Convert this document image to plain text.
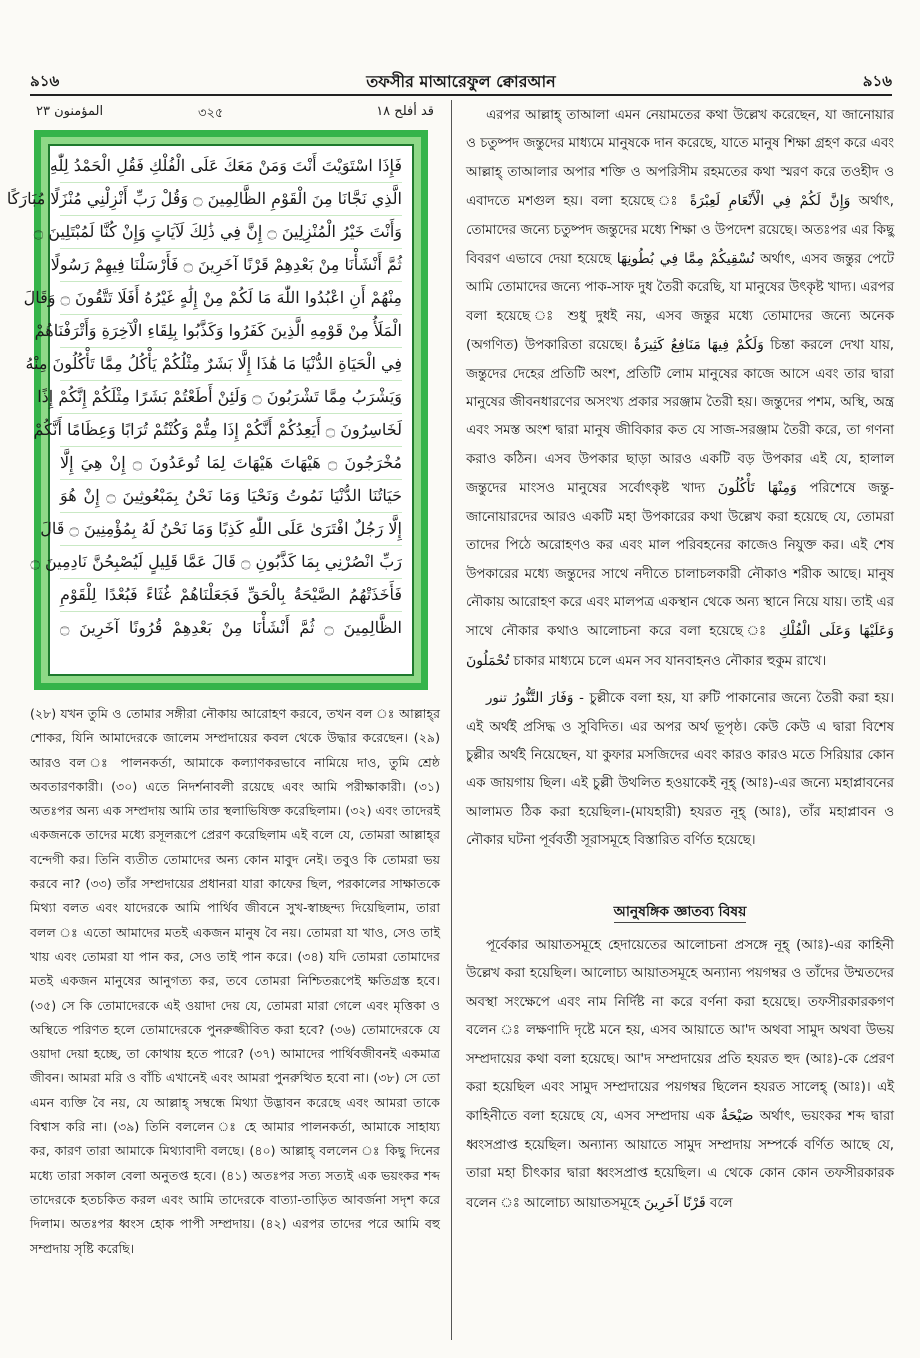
৯১৬	তফসীর মাআরেফুল ক্বোরআন	৯১৬
المؤمنون ٢٣	৩২৫	قد أفلح ١٨
فَإِذَا اسْتَوَيْتَ أَنْتَ وَمَنْ مَعَكَ عَلَى الْفُلْكِ فَقُلِ الْحَمْدُ لِلّٰهِ
الَّذِي نَجَّانَا مِنَ الْقَوْمِ الظَّالِمِينَ ۝ وَقُلْ رَبِّ أَنْزِلْنِي مُنْزَلًا مُبَارَكًا
وَأَنْتَ خَيْرُ الْمُنْزِلِينَ ۝ إِنَّ فِي ذَٰلِكَ لَآيَاتٍ وَإِنْ كُنَّا لَمُبْتَلِينَ ۝
ثُمَّ أَنْشَأْنَا مِنْ بَعْدِهِمْ قَرْنًا آخَرِينَ ۝ فَأَرْسَلْنَا فِيهِمْ رَسُولًا
مِنْهُمْ أَنِ اعْبُدُوا اللّٰهَ مَا لَكُمْ مِنْ إِلَٰهٍ غَيْرُهُ أَفَلَا تَتَّقُونَ ۝ وَقَالَ
الْمَلَأُ مِنْ قَوْمِهِ الَّذِينَ كَفَرُوا وَكَذَّبُوا بِلِقَاءِ الْآخِرَةِ وَأَتْرَفْنَاهُمْ
فِي الْحَيَاةِ الدُّنْيَا مَا هَٰذَا إِلَّا بَشَرٌ مِثْلُكُمْ يَأْكُلُ مِمَّا تَأْكُلُونَ مِنْهُ
وَيَشْرَبُ مِمَّا تَشْرَبُونَ ۝ وَلَئِنْ أَطَعْتُمْ بَشَرًا مِثْلَكُمْ إِنَّكُمْ إِذًا
لَخَاسِرُونَ ۝ أَيَعِدُكُمْ أَنَّكُمْ إِذَا مِتُّمْ وَكُنْتُمْ تُرَابًا وَعِظَامًا أَنَّكُمْ
مُخْرَجُونَ ۝ هَيْهَاتَ هَيْهَاتَ لِمَا تُوعَدُونَ ۝ إِنْ هِيَ إِلَّا
حَيَاتُنَا الدُّنْيَا نَمُوتُ وَنَحْيَا وَمَا نَحْنُ بِمَبْعُوثِينَ ۝ إِنْ هُوَ
إِلَّا رَجُلٌ افْتَرَىٰ عَلَى اللّٰهِ كَذِبًا وَمَا نَحْنُ لَهُ بِمُؤْمِنِينَ ۝ قَالَ
رَبِّ انْصُرْنِي بِمَا كَذَّبُونِ ۝ قَالَ عَمَّا قَلِيلٍ لَيُصْبِحُنَّ نَادِمِينَ ۝
فَأَخَذَتْهُمُ الصَّيْحَةُ بِالْحَقِّ فَجَعَلْنَاهُمْ غُثَاءً فَبُعْدًا لِلْقَوْمِ
الظَّالِمِينَ ۝ ثُمَّ أَنْشَأْنَا مِنْ بَعْدِهِمْ قُرُونًا آخَرِينَ ۝
(২৮) যখন তুমি ও তোমার সঙ্গীরা নৌকায় আরোহণ করবে, তখন বল ঃ আল্লাহ্‌র শোকর, যিনি আমাদেরকে জালেম সম্প্রদায়ের কবল থেকে উদ্ধার করেছেন। (২৯) আরও বল ঃ পালনকর্তা, আমাকে কল্যাণকরভাবে নামিয়ে দাও, তুমি শ্রেষ্ঠ অবতারণকারী। (৩০) এতে নিদর্শনাবলী রয়েছে এবং আমি পরীক্ষাকারী। (৩১) অতঃপর অন্য এক সম্প্রদায় আমি তার স্থলাভিষিক্ত করেছিলাম। (৩২) এবং তাদেরই একজনকে তাদের মধ্যে রসূলরূপে প্রেরণ করেছিলাম এই বলে যে, তোমরা আল্লাহ্‌র বন্দেগী কর। তিনি ব্যতীত তোমাদের অন্য কোন মাবুদ নেই। তবুও কি তোমরা ভয় করবে না? (৩৩) তাঁর সম্প্রদায়ের প্রধানরা যারা কাফের ছিল, পরকালের সাক্ষাতকে মিথ্যা বলত এবং যাদেরকে আমি পার্থিব জীবনে সুখ-স্বাচ্ছন্দ্য দিয়েছিলাম, তারা বলল ঃ এতো আমাদের মতই একজন মানুষ বৈ নয়। তোমরা যা খাও, সেও তাই খায় এবং তোমরা যা পান কর, সেও তাই পান করে। (৩৪) যদি তোমরা তোমাদের মতই একজন মানুষের আনুগত্য কর, তবে তোমরা নিশ্চিতরূপেই ক্ষতিগ্রস্ত হবে। (৩৫) সে কি তোমাদেরকে এই ওয়াদা দেয় যে, তোমরা মারা গেলে এবং মৃত্তিকা ও অস্থিতে পরিণত হলে তোমাদেরকে পুনরুজ্জীবিত করা হবে? (৩৬) তোমাদেরকে যে ওয়াদা দেয়া হচ্ছে, তা কোথায় হতে পারে? (৩৭) আমাদের পার্থিবজীবনই একমাত্র জীবন। আমরা মরি ও বাঁচি এখানেই এবং আমরা পুনরুত্থিত হবো না। (৩৮) সে তো এমন ব্যক্তি বৈ নয়, যে আল্লাহ্‌ সম্বন্ধে মিথ্যা উদ্ভাবন করেছে এবং আমরা তাকে বিশ্বাস করি না। (৩৯) তিনি বললেন ঃ হে আমার পালনকর্তা, আমাকে সাহায্য কর, কারণ তারা আমাকে মিথ্যাবাদী বলছে। (৪০) আল্লাহ্‌ বললেন ঃ কিছু দিনের মধ্যে তারা সকাল বেলা অনুতপ্ত হবে। (৪১) অতঃপর সত্য সত্যই এক ভয়ংকর শব্দ তাদেরকে হতচকিত করল এবং আমি তাদেরকে বাত্যা-তাড়িত আবর্জনা সদৃশ করে দিলাম। অতঃপর ধ্বংস হোক পাপী সম্প্রদায়। (৪২) এরপর তাদের পরে আমি বহু সম্প্রদায় সৃষ্টি করেছি।

এরপর আল্লাহ্‌ তাআলা এমন নেয়ামতের কথা উল্লেখ করেছেন, যা জানোয়ার ও চতুষ্পদ জন্তুদের মাধ্যমে মানুষকে দান করেছে, যাতে মানুষ শিক্ষা গ্রহণ করে এবং আল্লাহ্‌ তাআলার অপার শক্তি ও অপরিসীম রহমতের কথা স্মরণ করে তওহীদ ও এবাদতে মশগুল হয়। বলা হয়েছে ঃ وَإِنَّ لَكُمْ فِي الْأَنْعَامِ لَعِبْرَةً অর্থাৎ, তোমাদের জন্যে চতুষ্পদ জন্তুদের মধ্যে শিক্ষা ও উপদেশ রয়েছে। অতঃপর এর কিছু বিবরণ এভাবে দেয়া হয়েছে نُسْقِيكُمْ مِمَّا فِي بُطُونِهَا অর্থাৎ, এসব জন্তুর পেটে আমি তোমাদের জন্যে পাক-সাফ দুধ তৈরী করেছি, যা মানুষের উৎকৃষ্ট খাদ্য। এরপর বলা হয়েছে ঃ শুধু দুধই নয়, এসব জন্তুর মধ্যে তোমাদের জন্যে অনেক (অগণিত) উপকারিতা রয়েছে। وَلَكُمْ فِيهَا مَنَافِعُ كَثِيرَةٌ চিন্তা করলে দেখা যায়, জন্তুদের দেহের প্রতিটি অংশ, প্রতিটি লোম মানুষের কাজে আসে এবং তার দ্বারা মানুষের জীবনধারণের অসংখ্য প্রকার সরঞ্জাম তৈরী হয়। জন্তুদের পশম, অস্থি, অন্ত্র এবং সমস্ত অংশ দ্বারা মানুষ জীবিকার কত যে সাজ-সরঞ্জাম তৈরী করে, তা গণনা করাও কঠিন। এসব উপকার ছাড়া আরও একটি বড় উপকার এই যে, হালাল জন্তুদের মাংসও মানুষের সর্বোৎকৃষ্ট খাদ্য وَمِنْهَا تَأْكُلُونَ পরিশেষে জন্তু-জানোয়ারদের আরও একটি মহা উপকারের কথা উল্লেখ করা হয়েছে যে, তোমরা তাদের পিঠে অরোহণও কর এবং মাল পরিবহনের কাজেও নিযুক্ত কর। এই শেষ উপকারের মধ্যে জন্তুদের সাথে নদীতে চালাচলকারী নৌকাও শরীক আছে। মানুষ নৌকায় আরোহণ করে এবং মালপত্র একস্থান থেকে অন্য স্থানে নিয়ে যায়। তাই এর সাথে নৌকার কথাও আলোচনা করে বলা হয়েছে ঃ وَعَلَيْهَا وَعَلَى الْفُلْكِ تُحْمَلُونَ চাকার মাধ্যমে চলে এমন সব যানবাহনও নৌকার হুকুম রাখে।

وَفَارَ التَّنُّورُ تنور - চুল্লীকে বলা হয়, যা রুটি পাকানোর জন্যে তৈরী করা হয়। এই অর্থই প্রসিদ্ধ ও সুবিদিত। এর অপর অর্থ ভূপৃষ্ঠ। কেউ কেউ এ দ্বারা বিশেষ চুল্লীর অর্থই নিয়েছেন, যা কুফার মসজিদের এবং কারও কারও মতে সিরিয়ার কোন এক জায়গায় ছিল। এই চুল্লী উথলিত হওয়াকেই নূহ্‌ (আঃ)-এর জন্যে মহাপ্লাবনের আলামত ঠিক করা হয়েছিল।-(মাযহারী) হযরত নূহ্‌ (আঃ), তাঁর মহাপ্লাবন ও নৌকার ঘটনা পূর্ববর্তী সূরাসমূহে বিস্তারিত বর্ণিত হয়েছে।

আনুষঙ্গিক জ্ঞাতব্য বিষয়

পূর্বেকার আয়াতসমূহে হেদায়েতের আলোচনা প্রসঙ্গে নূহ্‌ (আঃ)-এর কাহিনী উল্লেখ করা হয়েছিল। আলোচ্য আয়াতসমূহে অন্যান্য পয়গম্বর ও তাঁদের উম্মতদের অবস্থা সংক্ষেপে এবং নাম নির্দিষ্ট না করে বর্ণনা করা হয়েছে। তফসীরকারকগণ বলেন ঃ লক্ষণাদি দৃষ্টে মনে হয়, এসব আয়াতে আ'দ অথবা সামুদ অথবা উভয় সম্প্রদায়ের কথা বলা হয়েছে। আ'দ সম্প্রদায়ের প্রতি হযরত হুদ (আঃ)-কে প্রেরণ করা হয়েছিল এবং সামুদ সম্প্রদায়ের পয়গম্বর ছিলেন হযরত সালেহ্‌ (আঃ)। এই কাহিনীতে বলা হয়েছে যে, এসব সম্প্রদায় এক صَيْحَةٌ অর্থাৎ, ভয়ংকর শব্দ দ্বারা ধ্বংসপ্রাপ্ত হয়েছিল। অন্যান্য আয়াতে সামুদ সম্প্রদায় সম্পর্কে বর্ণিত আছে যে, তারা মহা চীৎকার দ্বারা ধ্বংসপ্রাপ্ত হয়েছিল। এ থেকে কোন কোন তফসীরকারক বলেন ঃ আলোচ্য আয়াতসমূহে قَرْنًا آخَرِينَ বলে
